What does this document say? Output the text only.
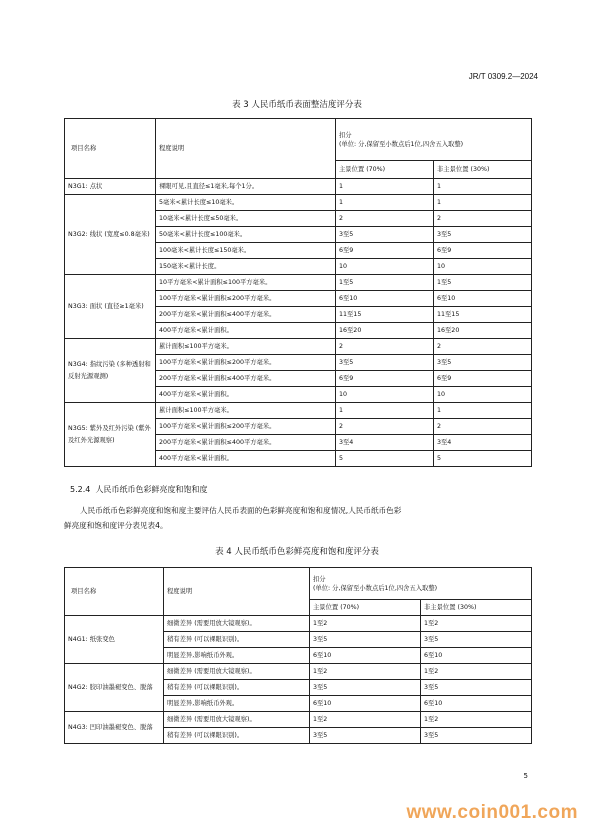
JR/T 0309.2—2024
表 3 人民币纸币表面整洁度评分表
项目名称	程度说明	扣分
(单位: 分,保留至小数点后1位,四舍五入取整)	

		主景位置 (70%)	非主景位置 (30%)
N3G1: 点状	裸眼可见,且直径≤1毫米,每个1分。	1	1
N3G2: 线状 (宽度≤0.8毫米)	5毫米<累计长度≤10毫米。	1	1
	10毫米<累计长度≤50毫米。	2	2
	50毫米<累计长度≤100毫米。	3至5	3至5
	100毫米<累计长度≤150毫米。	6至9	6至9
	150毫米<累计长度。	10	10
N3G3: 面状 (直径≥1毫米)	10平方毫米<累计面积≤100平方毫米。	1至5	1至5
	100平方毫米<累计面积≤200平方毫米。	6至10	6至10
	200平方毫米<累计面积≤400平方毫米。	11至15	11至15
	400平方毫米<累计面积。	16至20	16至20
N3G4: 指纹污染 (多种透射和反射光源观测)	累计面积≤100平方毫米。	2	2
	100平方毫米<累计面积≤200平方毫米。	3至5	3至5
	200平方毫米<累计面积≤400平方毫米。	6至9	6至9
	400平方毫米<累计面积。	10	10
N3G5: 紫外及红外污染 (紫外及红外光源观察)	累计面积≤100平方毫米。	1	1
	100平方毫米<累计面积≤200平方毫米。	2	2
	200平方毫米<累计面积≤400平方毫米。	3至4	3至4
	400平方毫米<累计面积。	5	5
5.2.4 人民币纸币色彩鲜亮度和饱和度
人民币纸币色彩鲜亮度和饱和度主要评估人民币表面的色彩鲜亮度和饱和度情况,人民币纸币色彩
鲜亮度和饱和度评分表见表4。
表 4 人民币纸币色彩鲜亮度和饱和度评分表
项目名称	程度说明	扣分
(单位: 分,保留至小数点后1位,四舍五入取整)	

		主景位置 (70%)	非主景位置 (30%)
N4G1: 纸张变色	细微差异 (需要用放大镜观察)。	1至2	1至2
	稍有差异 (可以裸眼识别)。	3至5	3至5
	明显差异,影响纸币外观。	6至10	6至10
N4G2: 胶印油墨褪变色、脱落	细微差异 (需要用放大镜观察)。	1至2	1至2
	稍有差异 (可以裸眼识别)。	3至5	3至5
	明显差异,影响纸币外观。	6至10	6至10
N4G3: 凹印油墨褪变色、脱落	细微差异 (需要用放大镜观察)。	1至2	1至2
	稍有差异 (可以裸眼识别)。	3至5	3至5
5
www.coin001.com
